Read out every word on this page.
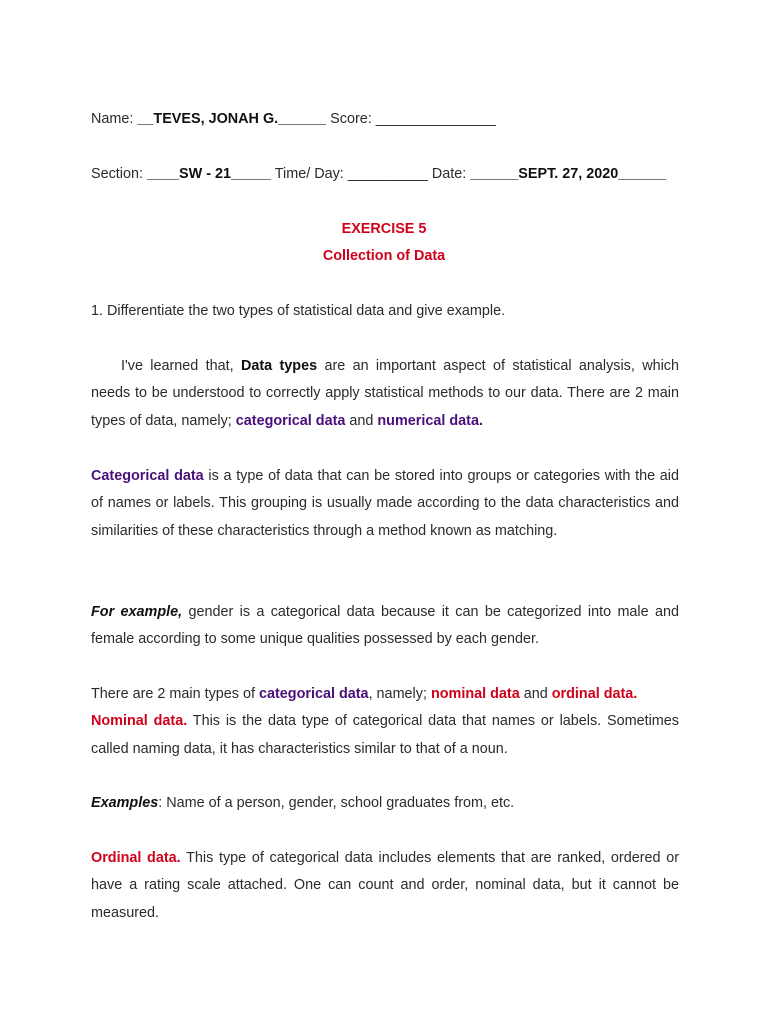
Name: __TEVES, JONAH G.______ Score: _______________
Section: ____SW - 21_____ Time/ Day: __________ Date: ______SEPT. 27, 2020______
EXERCISE 5
Collection of Data
1. Differentiate the two types of statistical data and give example.
I've learned that, Data types are an important aspect of statistical analysis, which needs to be understood to correctly apply statistical methods to our data. There are 2 main types of data, namely; categorical data and numerical data.
Categorical data is a type of data that can be stored into groups or categories with the aid of names or labels. This grouping is usually made according to the data characteristics and similarities of these characteristics through a method known as matching.
For example, gender is a categorical data because it can be categorized into male and female according to some unique qualities possessed by each gender.
There are 2 main types of categorical data, namely; nominal data and ordinal data.
Nominal data. This is the data type of categorical data that names or labels. Sometimes called naming data, it has characteristics similar to that of a noun.
Examples: Name of a person, gender, school graduates from, etc.
Ordinal data. This type of categorical data includes elements that are ranked, ordered or have a rating scale attached. One can count and order, nominal data, but it cannot be measured.
